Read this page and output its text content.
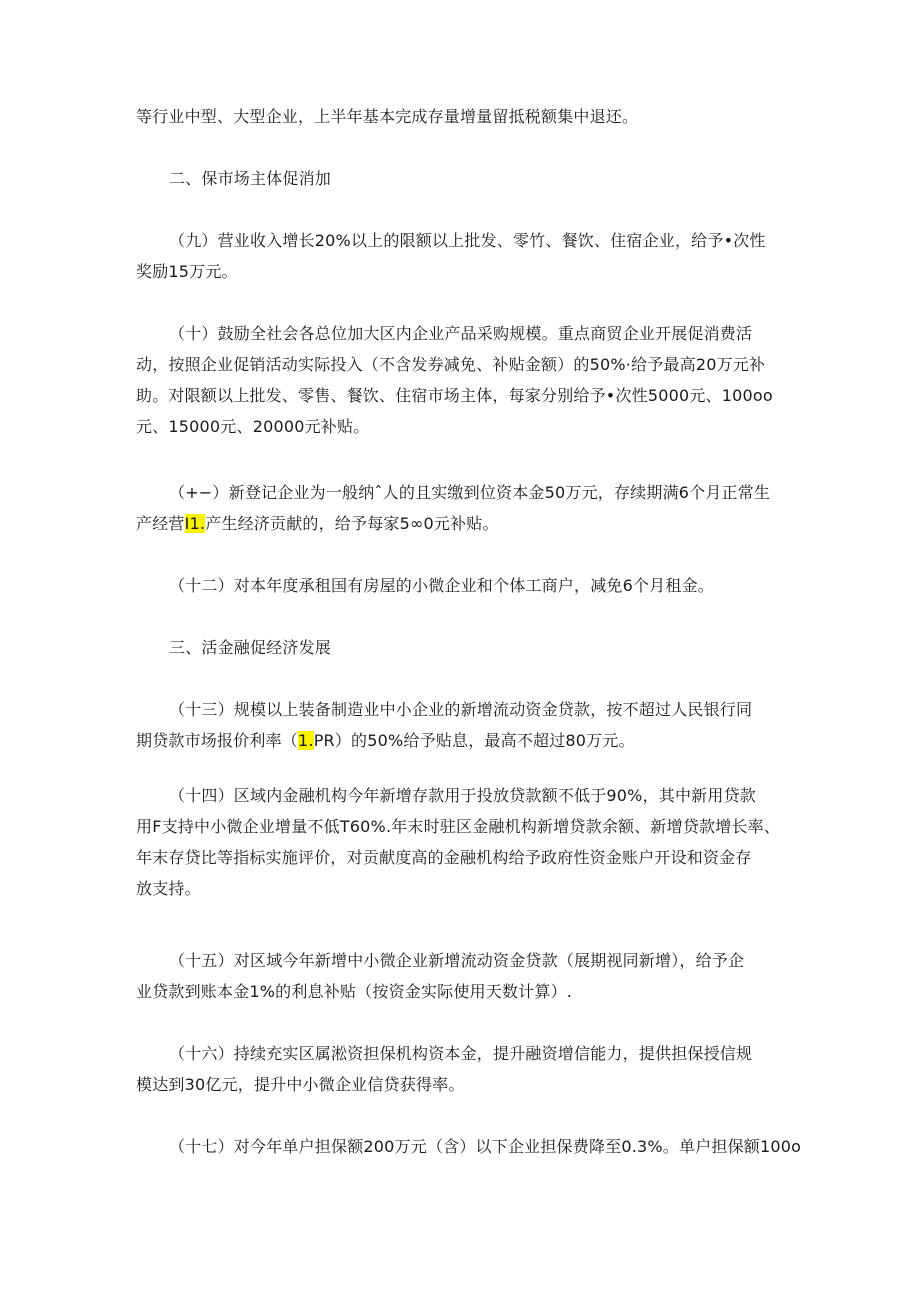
等行业中型、大型企业，上半年基本完成存量增量留抵税额集中退还。

二、保市场主体促消加

（九）营业收入增长20%以上的限额以上批发、零竹、餐饮、住宿企业，给予•次性
奖励15万元。

（十）鼓励全社会各总位加大区内企业产品采购规模。重点商贸企业开展促消费活
动，按照企业促销活动实际投入（不含发券减免、补贴金额）的50%·给予最高20万元补
助。对限额以上批发、零售、餐饮、住宿市场主体，每家分别给予•次性5000元、100oo
元、15000元、20000元补贴。

（+−）新登记企业为一般纳ˆ人的且实缴到位资本金50万元，存续期满6个月正常生
产经营I1.产生经济贡献的，给予每家5∞0元补贴。

（十二）对本年度承租国有房屋的小微企业和个体工商户，减免6个月租金。

三、活金融促经济发展

（十三）规模以上装备制造业中小企业的新增流动资金贷款，按不超过人民银行同
期贷款市场报价利率（1.PR）的50%给予贴息，最高不超过80万元。

（十四）区域内金融机构今年新增存款用于投放贷款额不低于90%，其中新用贷款
用F支持中小微企业增量不低T60%.年末时驻区金融机构新增贷款余额、新增贷款增长率、
年末存贷比等指标实施评价，对贡献度高的金融机构给予政府性资金账户开设和资金存
放支持。

（十五）对区域今年新增中小微企业新增流动资金贷款（展期视同新增），给予企
业贷款到账本金1%的利息补贴（按资金实际使用天数计算）.

（十六）持续充实区属淞资担保机构资本金，提升融资增信能力，提供担保授信规
模达到30亿元，提升中小微企业信贷获得率。

（十七）对今年单户担保额200万元（含）以下企业担保费降至0.3%。单户担保额100o
